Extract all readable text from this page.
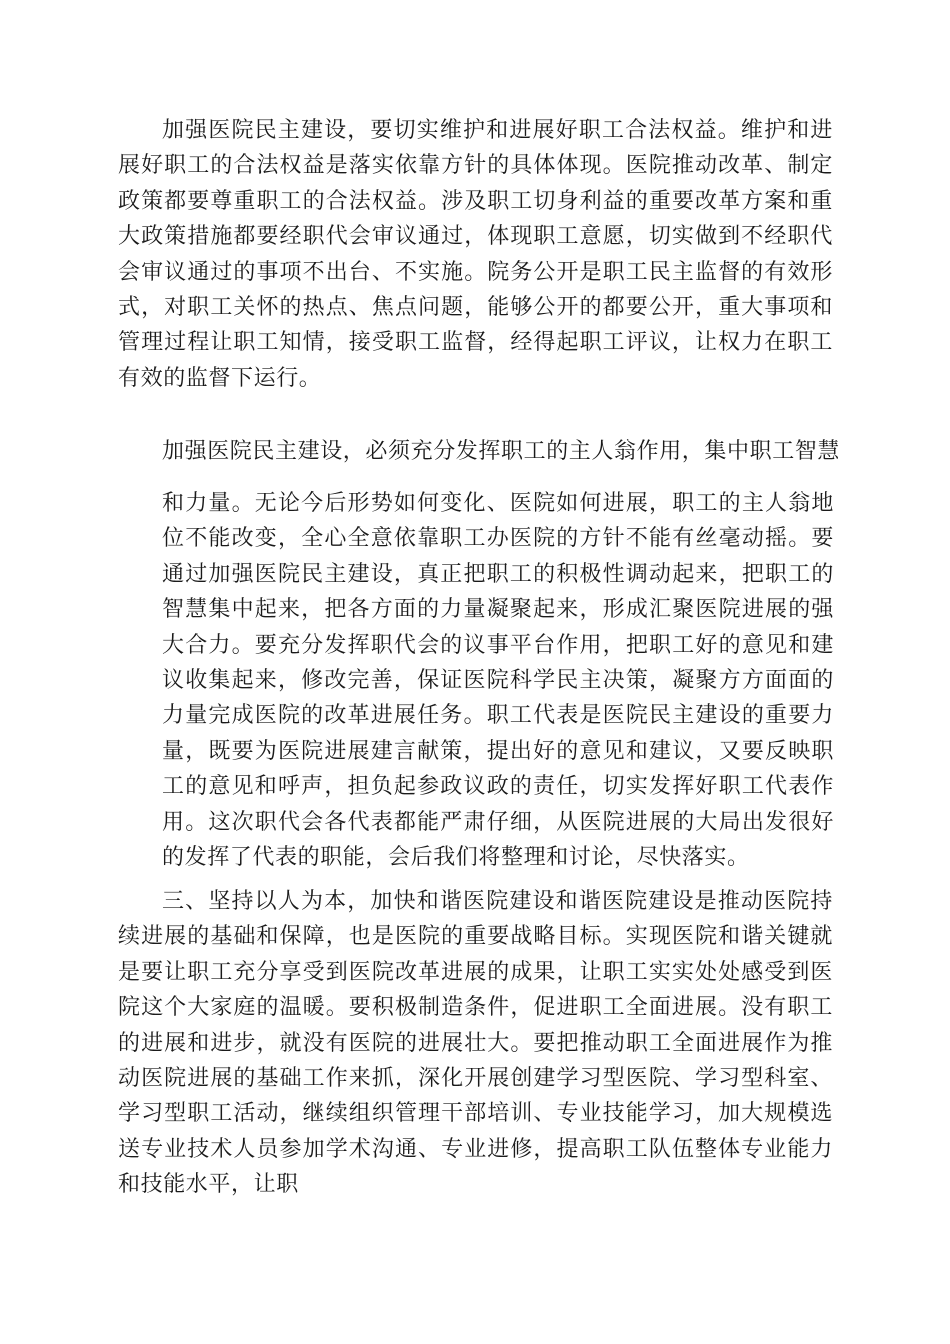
加强医院民主建设，要切实维护和进展好职工合法权益。维护和进展好职工的合法权益是落实依靠方针的具体体现。医院推动改革、制定政策都要尊重职工的合法权益。涉及职工切身利益的重要改革方案和重大政策措施都要经职代会审议通过，体现职工意愿，切实做到不经职代会审议通过的事项不出台、不实施。院务公开是职工民主监督的有效形式，对职工关怀的热点、焦点问题，能够公开的都要公开，重大事项和管理过程让职工知情，接受职工监督，经得起职工评议，让权力在职工有效的监督下运行。

加强医院民主建设，必须充分发挥职工的主人翁作用，集中职工智慧

和力量。无论今后形势如何变化、医院如何进展，职工的主人翁地位不能改变，全心全意依靠职工办医院的方针不能有丝毫动摇。要通过加强医院民主建设，真正把职工的积极性调动起来，把职工的智慧集中起来，把各方面的力量凝聚起来，形成汇聚医院进展的强大合力。要充分发挥职代会的议事平台作用，把职工好的意见和建议收集起来，修改完善，保证医院科学民主决策，凝聚方方面面的力量完成医院的改革进展任务。职工代表是医院民主建设的重要力量，既要为医院进展建言献策，提出好的意见和建议，又要反映职工的意见和呼声，担负起参政议政的责任，切实发挥好职工代表作用。这次职代会各代表都能严肃仔细，从医院进展的大局出发很好的发挥了代表的职能，会后我们将整理和讨论，尽快落实。

三、坚持以人为本，加快和谐医院建设和谐医院建设是推动医院持续进展的基础和保障，也是医院的重要战略目标。实现医院和谐关键就是要让职工充分享受到医院改革进展的成果，让职工实实处处感受到医院这个大家庭的温暖。要积极制造条件，促进职工全面进展。没有职工的进展和进步，就没有医院的进展壮大。要把推动职工全面进展作为推动医院进展的基础工作来抓，深化开展创建学习型医院、学习型科室、学习型职工活动，继续组织管理干部培训、专业技能学习，加大规模选送专业技术人员参加学术沟通、专业进修，提高职工队伍整体专业能力和技能水平，让职
